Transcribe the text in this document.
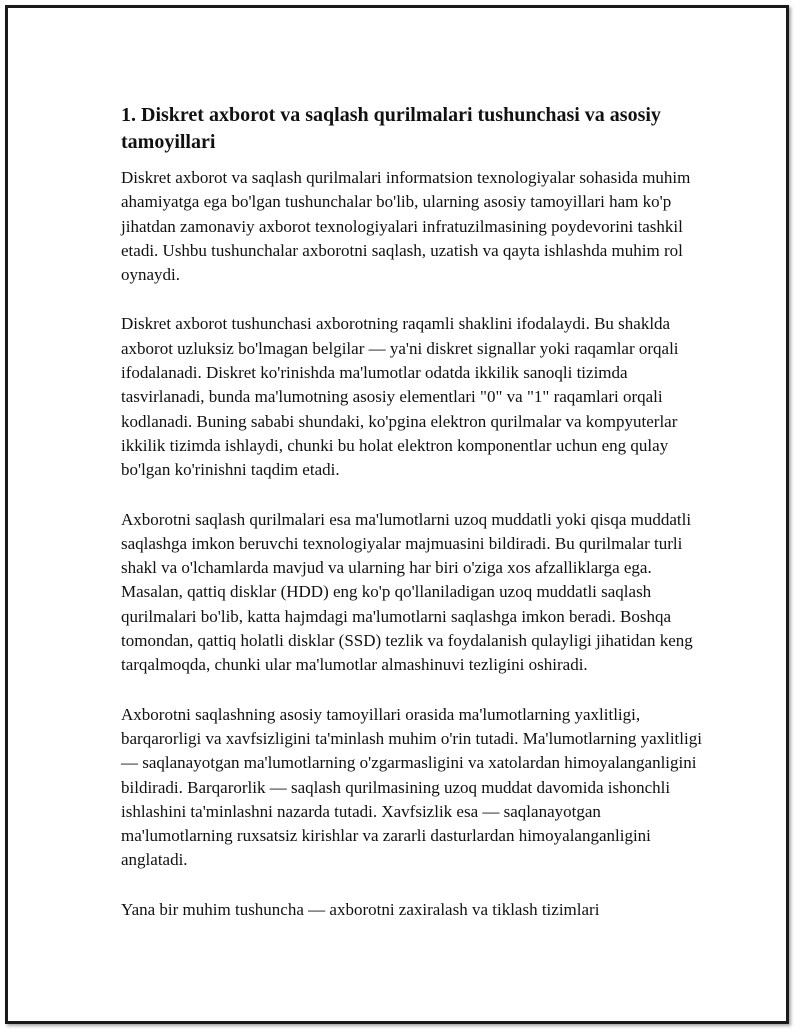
1. Diskret axborot va saqlash qurilmalari tushunchasi va asosiy tamoyillari

Diskret axborot va saqlash qurilmalari informatsion texnologiyalar sohasida muhim ahamiyatga ega bo'lgan tushunchalar bo'lib, ularning asosiy tamoyillari ham ko'p jihatdan zamonaviy axborot texnologiyalari infratuzilmasining poydevorini tashkil etadi. Ushbu tushunchalar axborotni saqlash, uzatish va qayta ishlashda muhim rol oynaydi.

Diskret axborot tushunchasi axborotning raqamli shaklini ifodalaydi. Bu shaklda axborot uzluksiz bo'lmagan belgilar — ya'ni diskret signallar yoki raqamlar orqali ifodalanadi. Diskret ko'rinishda ma'lumotlar odatda ikkilik sanoqli tizimda tasvirlanadi, bunda ma'lumotning asosiy elementlari "0" va "1" raqamlari orqali kodlanadi. Buning sababi shundaki, ko'pgina elektron qurilmalar va kompyuterlar ikkilik tizimda ishlaydi, chunki bu holat elektron komponentlar uchun eng qulay bo'lgan ko'rinishni taqdim etadi.

Axborotni saqlash qurilmalari esa ma'lumotlarni uzoq muddatli yoki qisqa muddatli saqlashga imkon beruvchi texnologiyalar majmuasini bildiradi. Bu qurilmalar turli shakl va o'lchamlarda mavjud va ularning har biri o'ziga xos afzalliklarga ega. Masalan, qattiq disklar (HDD) eng ko'p qo'llaniladigan uzoq muddatli saqlash qurilmalari bo'lib, katta hajmdagi ma'lumotlarni saqlashga imkon beradi. Boshqa tomondan, qattiq holatli disklar (SSD) tezlik va foydalanish qulayligi jihatidan keng tarqalmoqda, chunki ular ma'lumotlar almashinuvi tezligini oshiradi.

Axborotni saqlashning asosiy tamoyillari orasida ma'lumotlarning yaxlitligi, barqarorligi va xavfsizligini ta'minlash muhim o'rin tutadi. Ma'lumotlarning yaxlitligi — saqlanayotgan ma'lumotlarning o'zgarmasligini va xatolardan himoyalanganligini bildiradi. Barqarorlik — saqlash qurilmasining uzoq muddat davomida ishonchli ishlashini ta'minlashni nazarda tutadi. Xavfsizlik esa — saqlanayotgan ma'lumotlarning ruxsatsiz kirishlar va zararli dasturlardan himoyalanganligini anglatadi.

Yana bir muhim tushuncha — axborotni zaxiralash va tiklash tizimlari
